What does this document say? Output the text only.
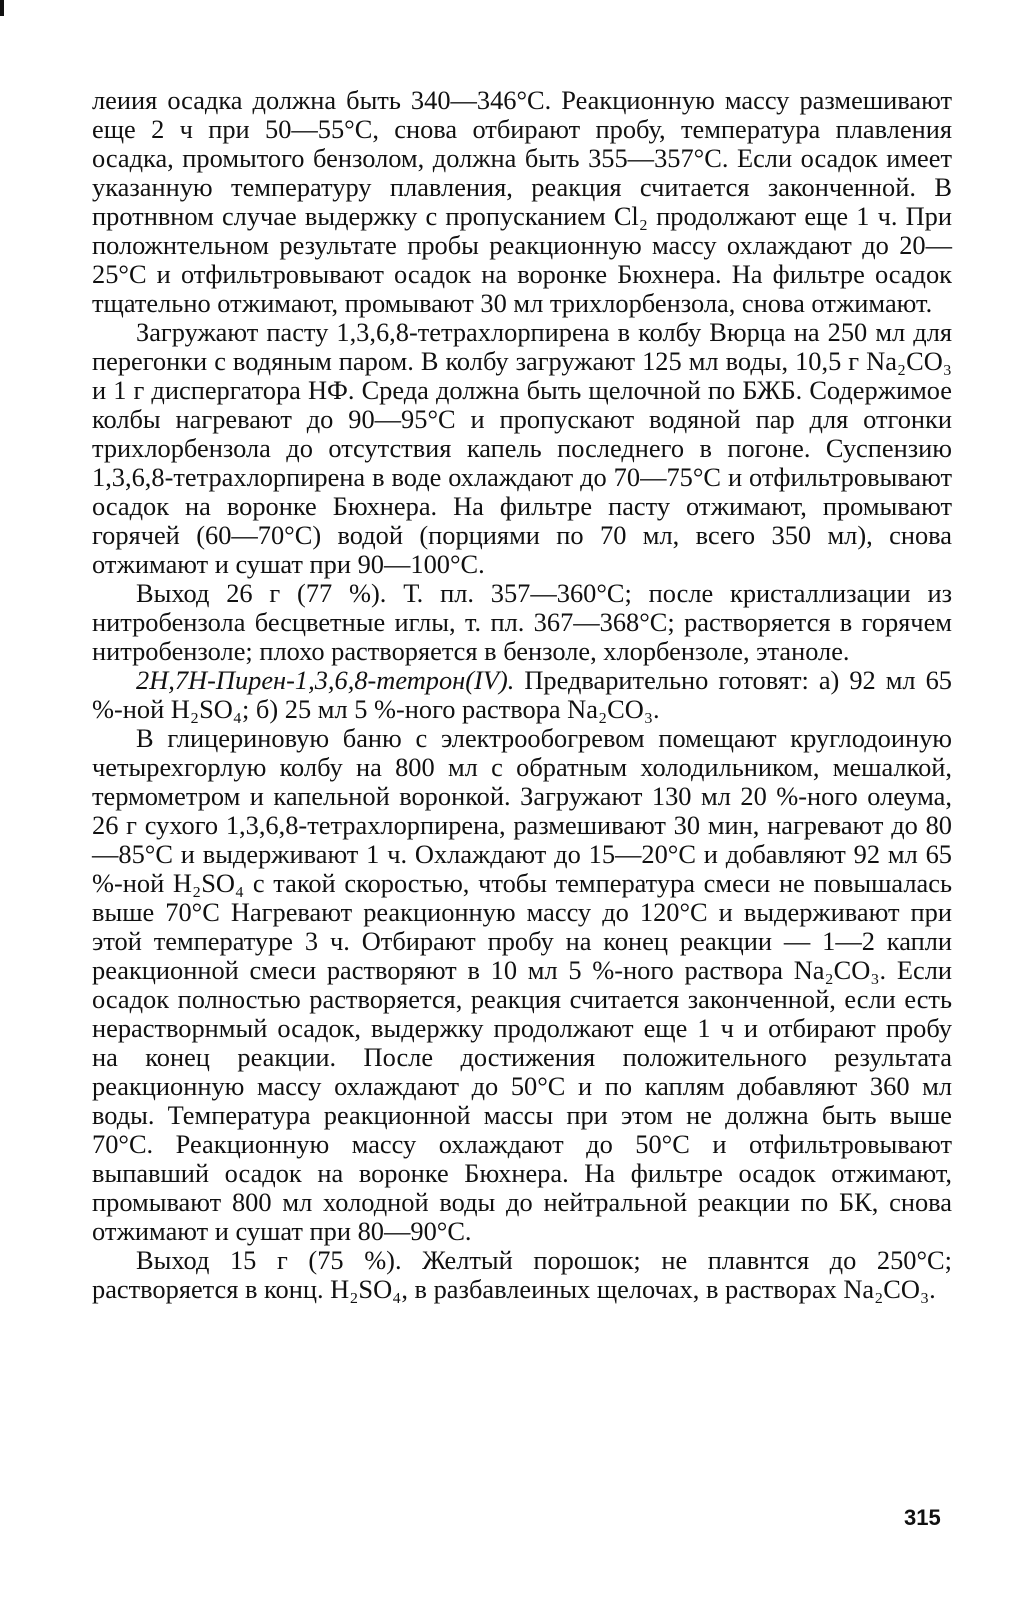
леиия осадка должна быть 340—346°С. Реакционную массу размешивают еще 2 ч при 50—55°С, снова отбирают пробу, температура плавления осадка, промытого бензолом, должна быть 355—357°С. Если осадок имеет указанную температуру плавления, реакция считается законченной. В протнвном случае выдержку с пропусканием Cl₂ продолжают еще 1 ч. При положнтельном результате пробы реакционную массу охлаждают до 20—25°С и отфильтровывают осадок на воронке Бюхнера. На фильтре осадок тщательно отжимают, промывают 30 мл трихлорбензола, снова отжимают.

Загружают пасту 1,3,6,8-тетрахлорпирена в колбу Вюрца на 250 мл для перегонки с водяным паром. В колбу загружают 125 мл воды, 10,5 г Na₂CO₃ и 1 г диспергатора НФ. Среда должна быть щелочной по БЖБ. Содержимое колбы нагревают до 90—95°С и пропускают водяной пар для отгонки трихлорбензола до отсутствия капель последнего в погоне. Суспензию 1,3,6,8-тетрахлорпирена в воде охлаждают до 70—75°С и отфильтровывают осадок на воронке Бюхнера. На фильтре пасту отжимают, промывают горячей (60—70°С) водой (порциями по 70 мл, всего 350 мл), снова отжимают и сушат при 90—100°С.

Выход 26 г (77 %). Т. пл. 357—360°С; после кристаллизации из нитробензола бесцветные иглы, т. пл. 367—368°С; растворяется в горячем нитробензоле; плохо растворяется в бензоле, хлорбензоле, этаноле.

2H,7H-Пирен-1,3,6,8-тетрон(IV). Предварительно готовят: а) 92 мл 65 %-ной H₂SO₄; б) 25 мл 5 %-ного раствора Na₂CO₃.

В глицериновую баню с электрообогревом помещают круглодоиную четырехгорлую колбу на 800 мл с обратным холодильником, мешалкой, термометром и капельной воронкой. Загружают 130 мл 20 %-ного олеума, 26 г сухого 1,3,6,8-тетрахлорпирена, размешивают 30 мин, нагревают до 80—85°С и выдерживают 1 ч. Охлаждают до 15—20°С и добавляют 92 мл 65 %-ной H₂SO₄ с такой скоростью, чтобы температура смеси не повышалась выше 70°С Нагревают реакционную массу до 120°С и выдерживают при этой температуре 3 ч. Отбирают пробу на конец реакции — 1—2 капли реакционной смеси растворяют в 10 мл 5 %-ного раствора Na₂CO₃. Если осадок полностью растворяется, реакция считается законченной, если есть нерастворнмый осадок, выдержку продолжают еще 1 ч и отбирают пробу на конец реакции. После достижения положительного результата реакционную массу охлаждают до 50°С и по каплям добавляют 360 мл воды. Температура реакционной массы при этом не должна быть выше 70°С. Реакционную массу охлаждают до 50°С и отфильтровывают выпавший осадок на воронке Бюхнера. На фильтре осадок отжимают, промывают 800 мл холодной воды до нейтральной реакции по БК, снова отжимают и сушат при 80—90°С.

Выход 15 г (75 %). Желтый порошок; не плавнтся до 250°С; растворяется в конц. H₂SO₄, в разбавлеиных щелочах, в растворах Na₂CO₃.

315
